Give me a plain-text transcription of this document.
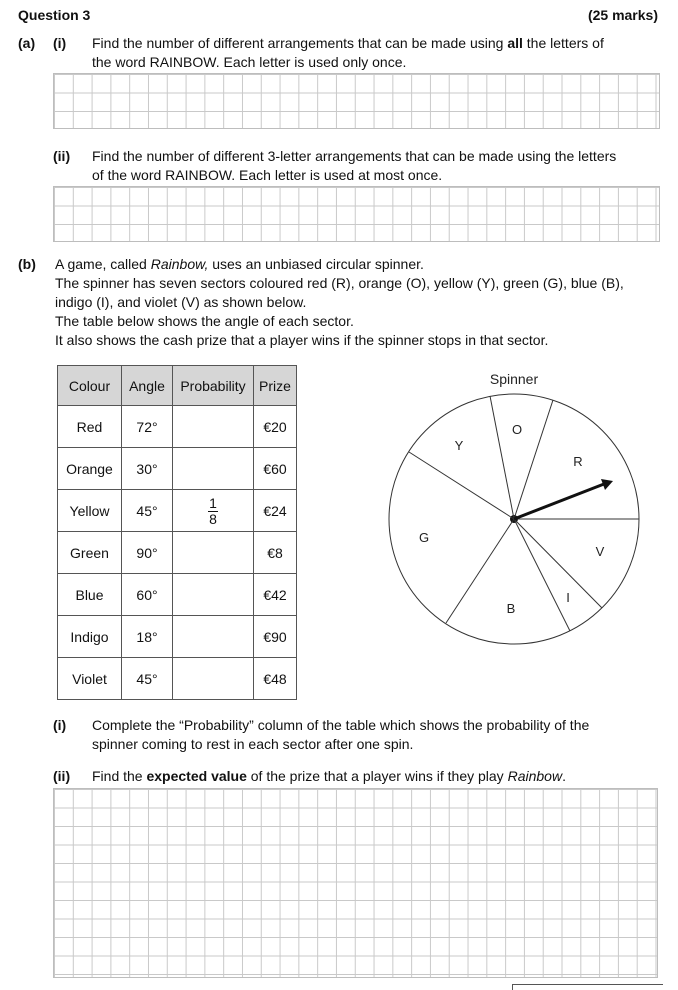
Question 3	(25 marks)
(a) (i) Find the number of different arrangements that can be made using all the letters of
the word RAINBOW. Each letter is used only once.
(ii) Find the number of different 3-letter arrangements that can be made using the letters
of the word RAINBOW. Each letter is used at most once.
(b) A game, called Rainbow, uses an unbiased circular spinner.
The spinner has seven sectors coloured red (R), orange (O), yellow (Y), green (G), blue (B),
indigo (I), and violet (V) as shown below.
The table below shows the angle of each sector.
It also shows the cash prize that a player wins if the spinner stops in that sector.
Colour	Angle	Probability	Prize
Red	72°		€20
Orange	30°		€60
Yellow	45°	$\frac{1}{8}$	€24
Green	90°		€8
Blue	60°		€42
Indigo	18°		€90
Violet	45°		€48
Spinner
O
Y
R
G
V
B
I
(i) Complete the “Probability” column of the table which shows the probability of the
spinner coming to rest in each sector after one spin.
(ii) Find the expected value of the prize that a player wins if they play Rainbow.
